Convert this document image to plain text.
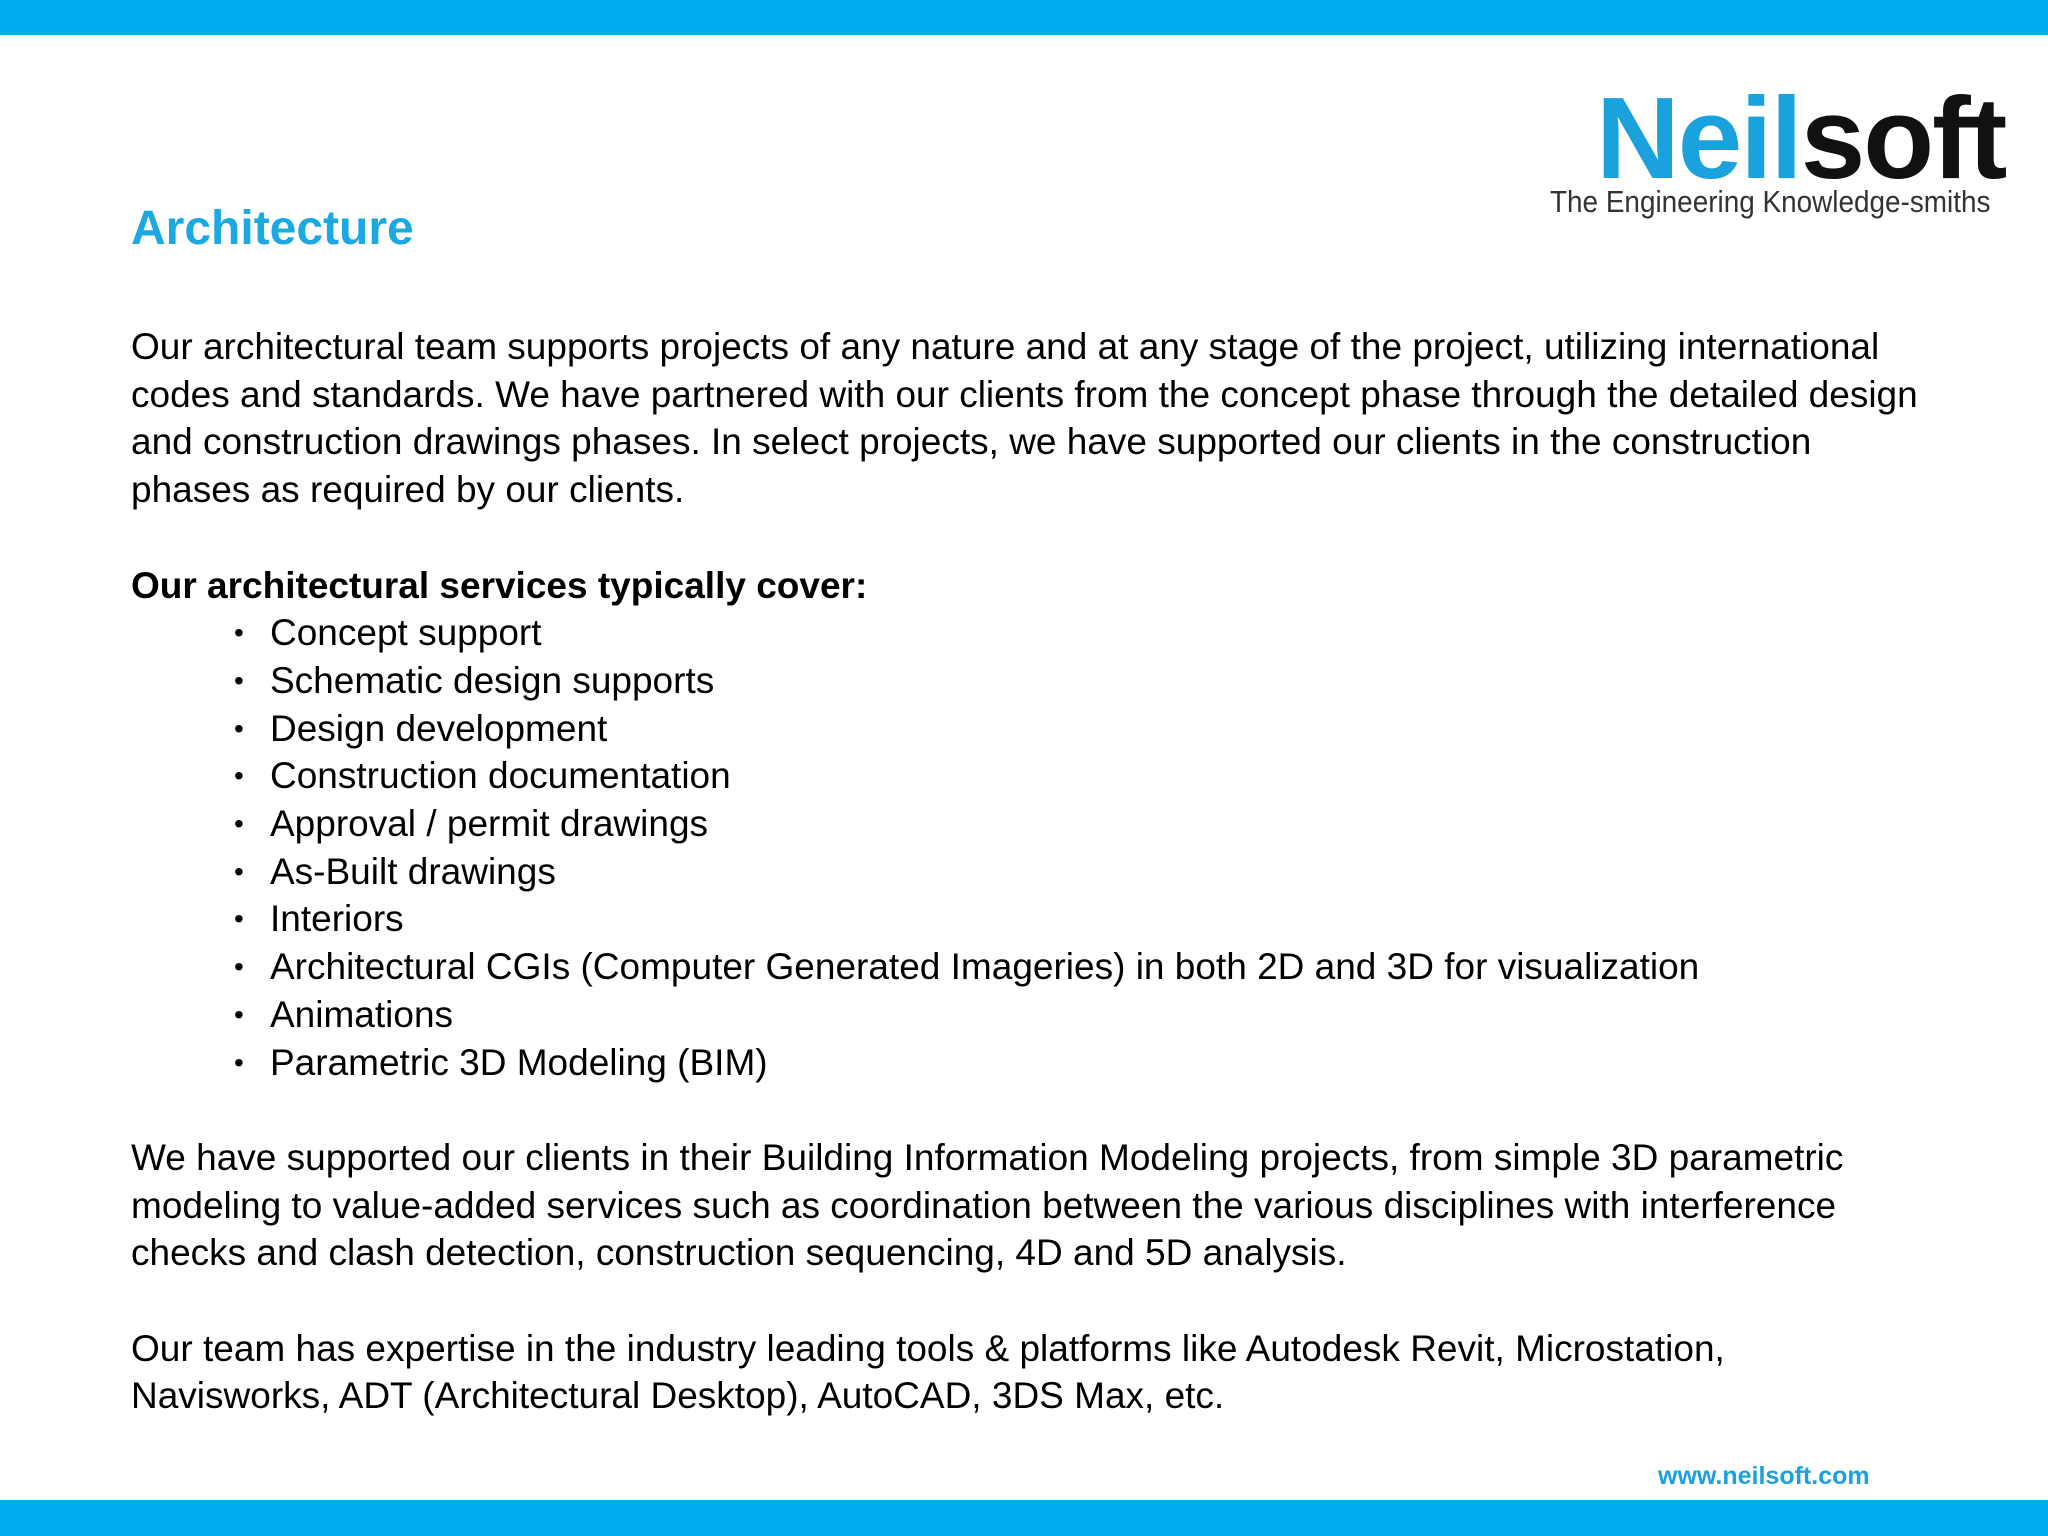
Neilsoft
The Engineering Knowledge-smiths
Architecture

Our architectural team supports projects of any nature and at any stage of the project, utilizing international codes and standards. We have partnered with our clients from the concept phase through the detailed design and construction drawings phases. In select projects, we have supported our clients in the construction phases as required by our clients.

Our architectural services typically cover:

• Concept support
• Schematic design supports
• Design development
• Construction documentation
• Approval / permit drawings
• As-Built drawings
• Interiors
• Architectural CGIs (Computer Generated Imageries) in both 2D and 3D for visualization
• Animations
• Parametric 3D Modeling (BIM)

We have supported our clients in their Building Information Modeling projects, from simple 3D parametric modeling to value-added services such as coordination between the various disciplines with interference checks and clash detection, construction sequencing, 4D and 5D analysis.

Our team has expertise in the industry leading tools & platforms like Autodesk Revit, Microstation, Navisworks, ADT (Architectural Desktop), AutoCAD, 3DS Max, etc.

www.neilsoft.com
